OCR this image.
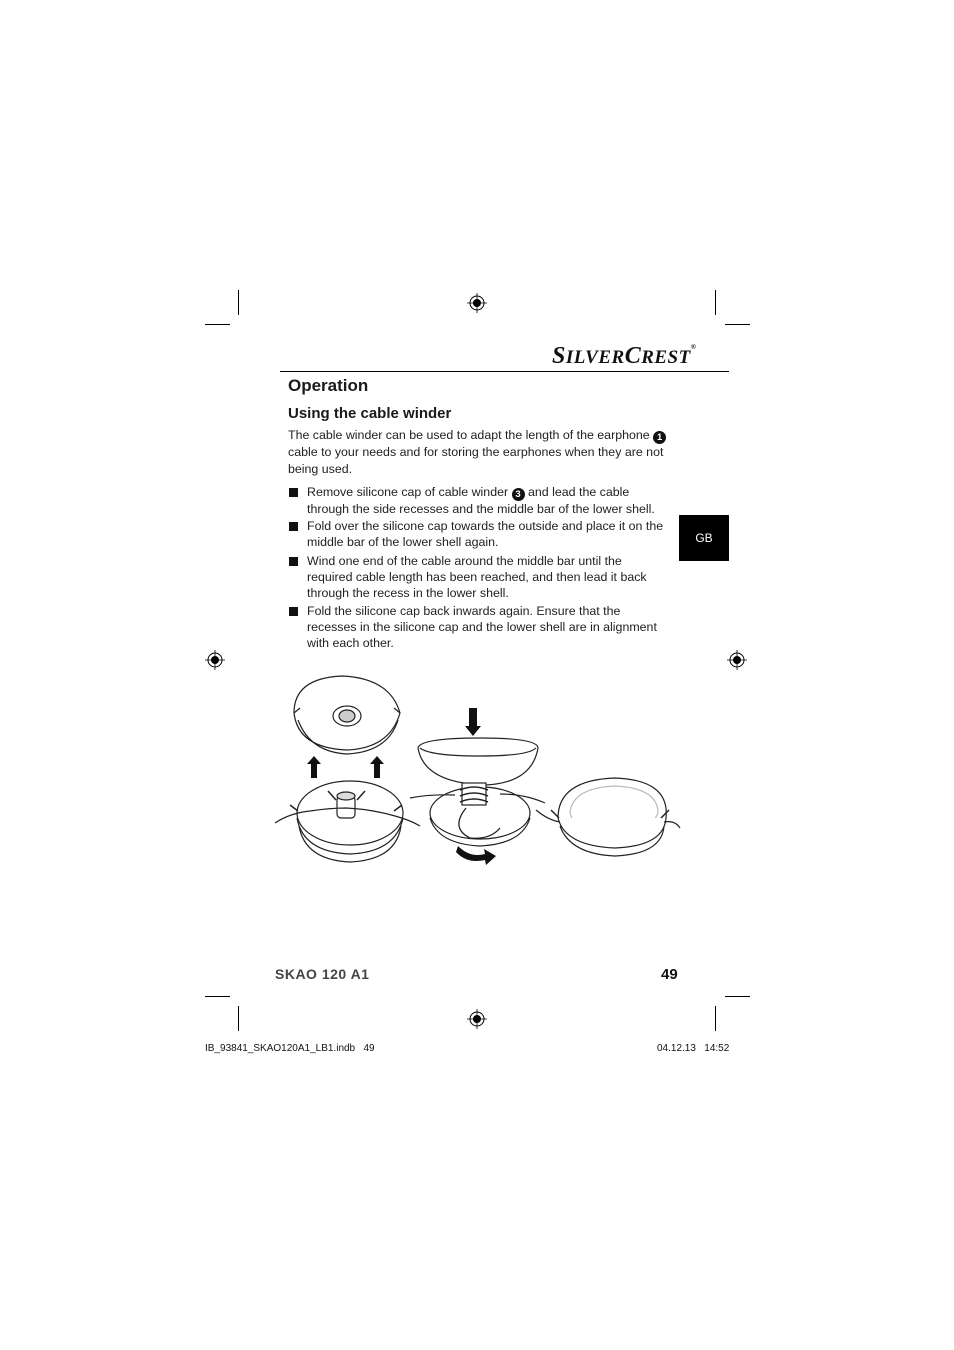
SILVERCREST®
Operation
Using the cable winder
The cable winder can be used to adapt the length of the earphone 1 cable to your needs and for storing the earphones when they are not being used.
Remove silicone cap of cable winder 3 and lead the cable through the side recesses and the middle bar of the lower shell.
Fold over the silicone cap towards the outside and place it on the middle bar of the lower shell again.
Wind one end of the cable around the middle bar until the required cable length has been reached, and then lead it back through the recess in the lower shell.
Fold the silicone cap back inwards again. Ensure that the recesses in the silicone cap and the lower shell are in alignment with each other.
GB
SKAO 120 A1	49
IB_93841_SKAO120A1_LB1.indb   49	04.12.13   14:52
